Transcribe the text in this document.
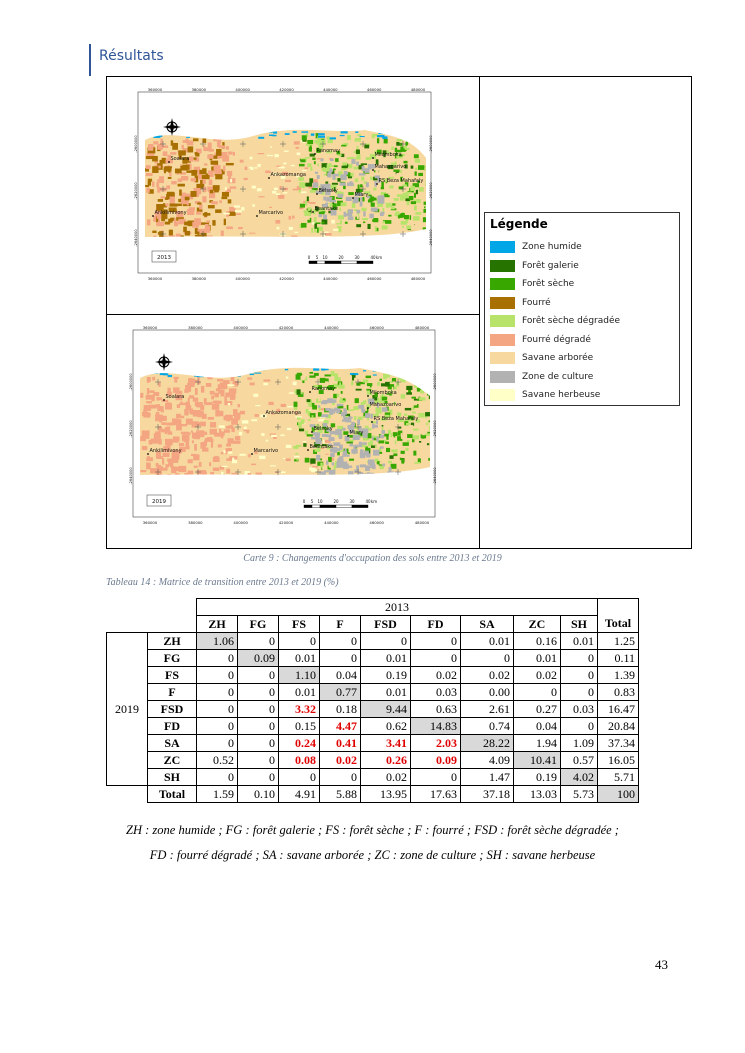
Résultats
360000
360000
380000
380000
400000
400000
420000
420000
440000
440000
460000
460000
480000
480000
-2600000	-2600000
-2620000	-2620000
-2640000	-2640000
Ranomay
Milomboka
Mahazoarivo
Soalara
Ankazomanga
RS Beza Mahafaly
Belsoky
Miary
Beantake
Ankilimivony	Marcarivo
2013	0 5 10	20	30	40 km
360000
360000
380000
380000
400000
400000
420000
420000
440000
440000
460000
460000
480000
480000
-2600000	-2600000
-2620000	-2620000
-2640000	-2640000
Ranomay
Milomboka
Mahazoarivo
Soalara
Ankazomanga
RS Beza Mahafaly
Belsoky
Miary
Beantake
Ankilimivony	Marcarivo
2019	0 5 10	20	30	40 km
Légende
Zone humide
Forêt galerie
Forêt sèche
Fourré
Forêt sèche dégradée
Fourré dégradé
Savane arborée
Zone de culture
Savane herbeuse
Carte 9 : Changements d'occupation des sols entre 2013 et 2019
Tableau 14 : Matrice de transition entre 2013 et 2019 (%)
		2013									
		ZH	FG	FS	F	FSD	FD	SA	ZC	SH	Total
2019	ZH	1.06	0	0	0	0	0	0.01	0.16	0.01	1.25
	FG	0	0.09	0.01	0	0.01	0	0	0.01	0	0.11
	FS	0	0	1.10	0.04	0.19	0.02	0.02	0.02	0	1.39
	F	0	0	0.01	0.77	0.01	0.03	0.00	0	0	0.83
	FSD	0	0	3.32	0.18	9.44	0.63	2.61	0.27	0.03	16.47
	FD	0	0	0.15	4.47	0.62	14.83	0.74	0.04	0	20.84
	SA	0	0	0.24	0.41	3.41	2.03	28.22	1.94	1.09	37.34
	ZC	0.52	0	0.08	0.02	0.26	0.09	4.09	10.41	0.57	16.05
	SH	0	0	0	0	0.02	0	1.47	0.19	4.02	5.71
	Total	1.59	0.10	4.91	5.88	13.95	17.63	37.18	13.03	5.73	100
ZH : zone humide ; FG : forêt galerie ; FS : forêt sèche ; F : fourré ; FSD : forêt sèche dégradée ;
FD : fourré dégradé ; SA : savane arborée ; ZC : zone de culture ; SH : savane herbeuse
43
